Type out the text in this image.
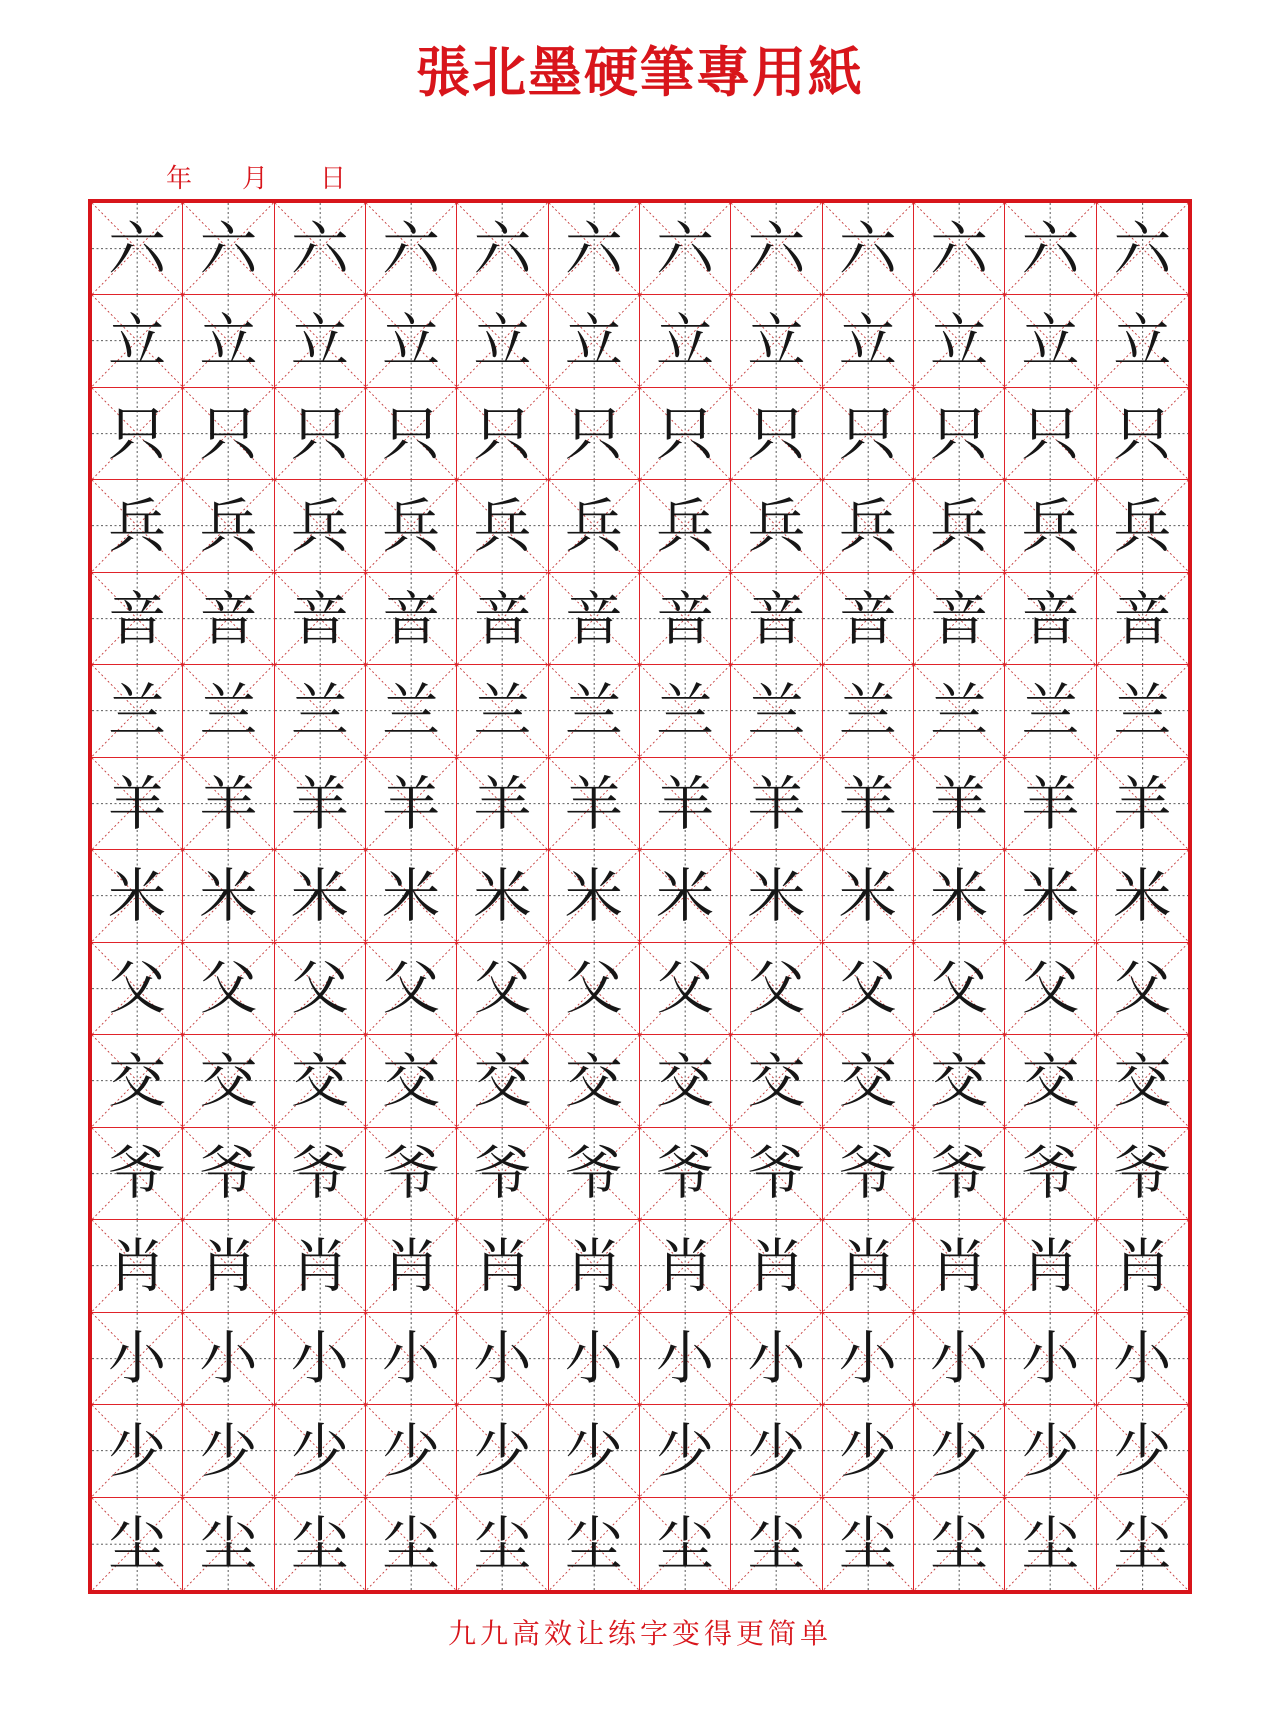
張北墨硬筆專用紙
年 月 日
六 六 六 六 六 六 六 六 六 六 六 六
立 立 立 立 立 立 立 立 立 立 立 立
只 只 只 只 只 只 只 只 只 只 只 只
兵 兵 兵 兵 兵 兵 兵 兵 兵 兵 兵 兵
音 音 音 音 音 音 音 音 音 音 音 音
兰 兰 兰 兰 兰 兰 兰 兰 兰 兰 兰 兰
羊 羊 羊 羊 羊 羊 羊 羊 羊 羊 羊 羊
米 米 米 米 米 米 米 米 米 米 米 米
父 父 父 父 父 父 父 父 父 父 父 父
交 交 交 交 交 交 交 交 交 交 交 交
爷 爷 爷 爷 爷 爷 爷 爷 爷 爷 爷 爷
肖 肖 肖 肖 肖 肖 肖 肖 肖 肖 肖 肖
小 小 小 小 小 小 小 小 小 小 小 小
少 少 少 少 少 少 少 少 少 少 少 少
尘 尘 尘 尘 尘 尘 尘 尘 尘 尘 尘 尘
九九高效让练字变得更简单
